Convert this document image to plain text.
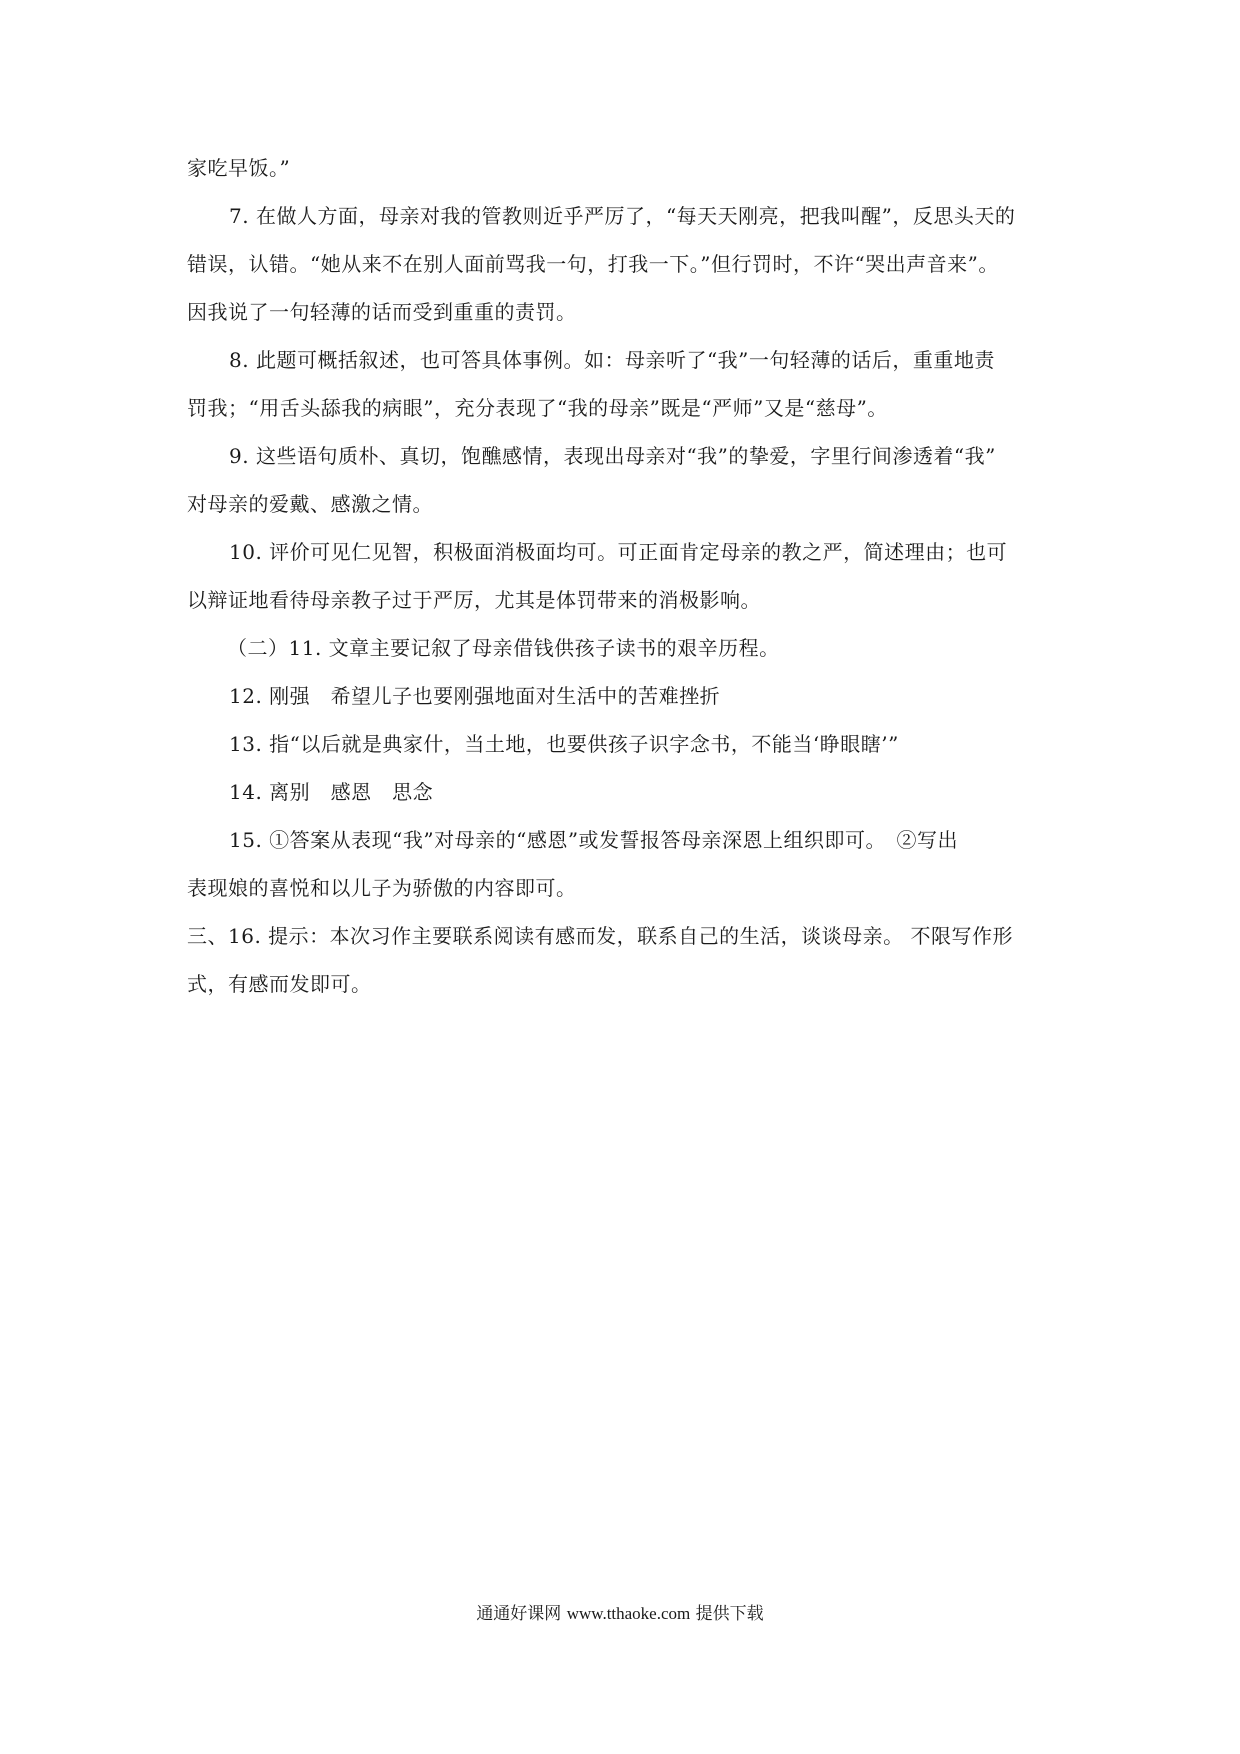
家吃早饭。”
7. 在做人方面，母亲对我的管教则近乎严厉了，“每天天刚亮，把我叫醒”，反思头天的
错误，认错。“她从来不在别人面前骂我一句，打我一下。”但行罚时，不许“哭出声音来”。
因我说了一句轻薄的话而受到重重的责罚。
8. 此题可概括叙述，也可答具体事例。如：母亲听了“我”一句轻薄的话后，重重地责
罚我；“用舌头舔我的病眼”，充分表现了“我的母亲”既是“严师”又是“慈母”。
9. 这些语句质朴、真切，饱醮感情，表现出母亲对“我”的挚爱，字里行间渗透着“我”
对母亲的爱戴、感激之情。
10. 评价可见仁见智，积极面消极面均可。可正面肯定母亲的教之严，简述理由；也可
以辩证地看待母亲教子过于严厉，尤其是体罚带来的消极影响。
（二）11. 文章主要记叙了母亲借钱供孩子读书的艰辛历程。
12. 刚强　希望儿子也要刚强地面对生活中的苦难挫折
13. 指“以后就是典家什，当土地，也要供孩子识字念书，不能当‘睁眼瞎’”
14. 离别　感恩　思念
15. ①答案从表现“我”对母亲的“感恩”或发誓报答母亲深恩上组织即可。　②写出
表现娘的喜悦和以儿子为骄傲的内容即可。
三、16. 提示：本次习作主要联系阅读有感而发，联系自己的生活，谈谈母亲。 不限写作形
式，有感而发即可。
通通好课网 www.tthaoke.com 提供下载
